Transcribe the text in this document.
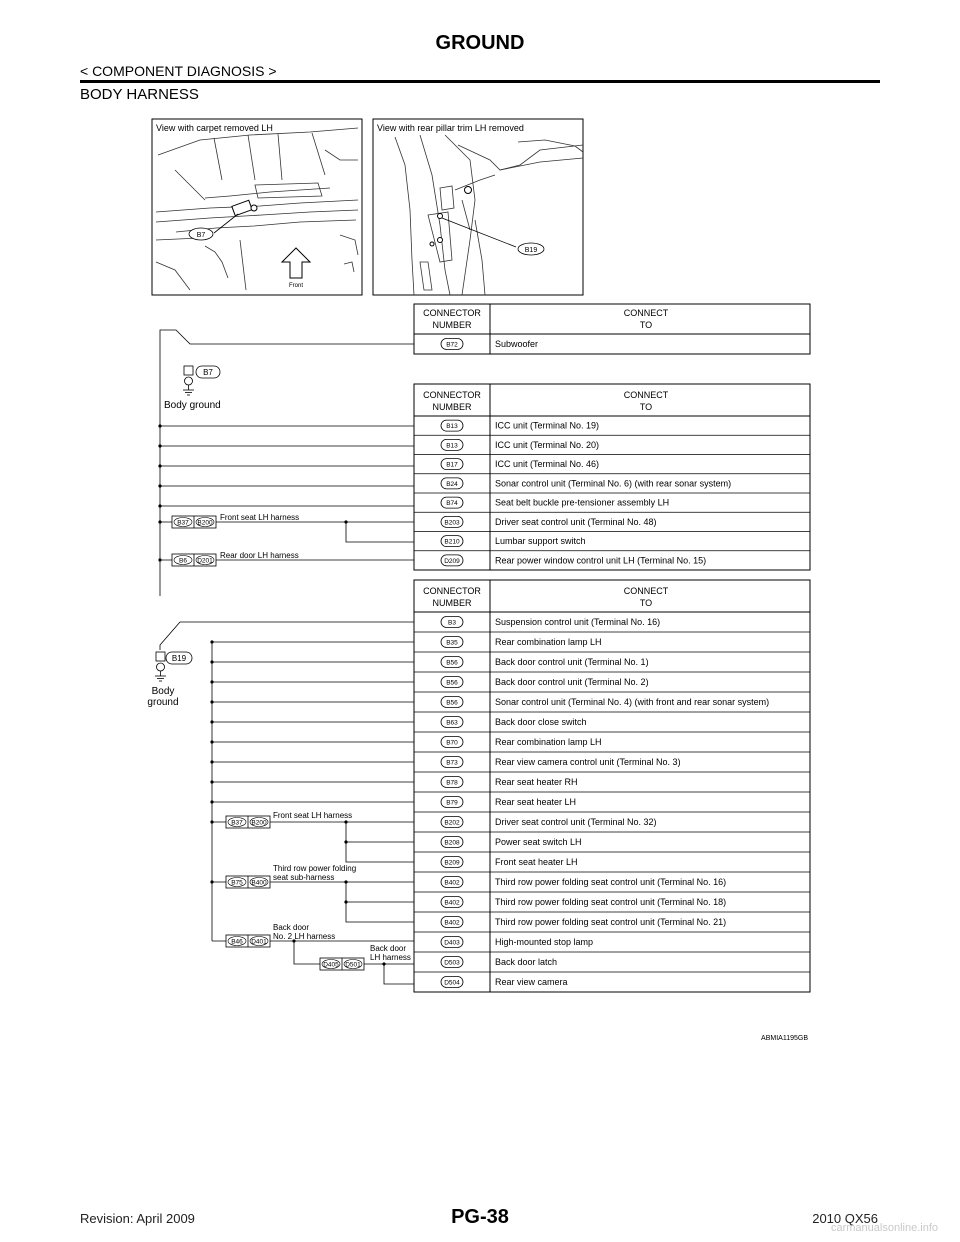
GROUND
< COMPONENT DIAGNOSIS >
BODY HARNESS
View with carpet removed LH
B7
Front
View with rear pillar trim LH removed
B19
CONNECTOR
NUMBER
CONNECT
TO
B72	Subwoofer
CONNECTOR
NUMBER
CONNECT
TO
B13	ICC unit (Terminal No. 19)
B13	ICC unit (Terminal No. 20)
B17	ICC unit (Terminal No. 46)
B24	Sonar control unit (Terminal No. 6) (with rear sonar system)
B74	Seat belt buckle pre-tensioner assembly LH
B203	Driver seat control unit (Terminal No. 48)
B210	Lumbar support switch
D209	Rear power window control unit LH (Terminal No. 15)
CONNECTOR
NUMBER
CONNECT
TO
B3	Suspension control unit (Terminal No. 16)
B35	Rear combination lamp LH
B56	Back door control unit (Terminal No. 1)
B56	Back door control unit (Terminal No. 2)
B56	Sonar control unit (Terminal No. 4) (with front and rear sonar system)
B63	Back door close switch
B70	Rear combination lamp LH
B73	Rear view camera control unit (Terminal No. 3)
B78	Rear seat heater RH
B79	Rear seat heater LH
B202	Driver seat control unit (Terminal No. 32)
B208	Power seat switch LH
B209	Front seat heater LH
B402	Third row power folding seat control unit (Terminal No. 16)
B402	Third row power folding seat control unit (Terminal No. 18)
B402	Third row power folding seat control unit (Terminal No. 21)
D403	High-mounted stop lamp
D503	Back door latch
D504	Rear view camera
B7
Body ground
B37 B200
Front seat LH harness
B6 D201
Rear door LH harness
B19
Body
ground
B37 B200
Front seat LH harness
B75 B400
Third row power folding
seat sub-harness
B46 D401
Back door
No. 2 LH harness
D405 D501
Back door
LH harness
ABMIA1195GB
PG-38
Revision: April 2009	2010 QX56
carmanualsonline.info
